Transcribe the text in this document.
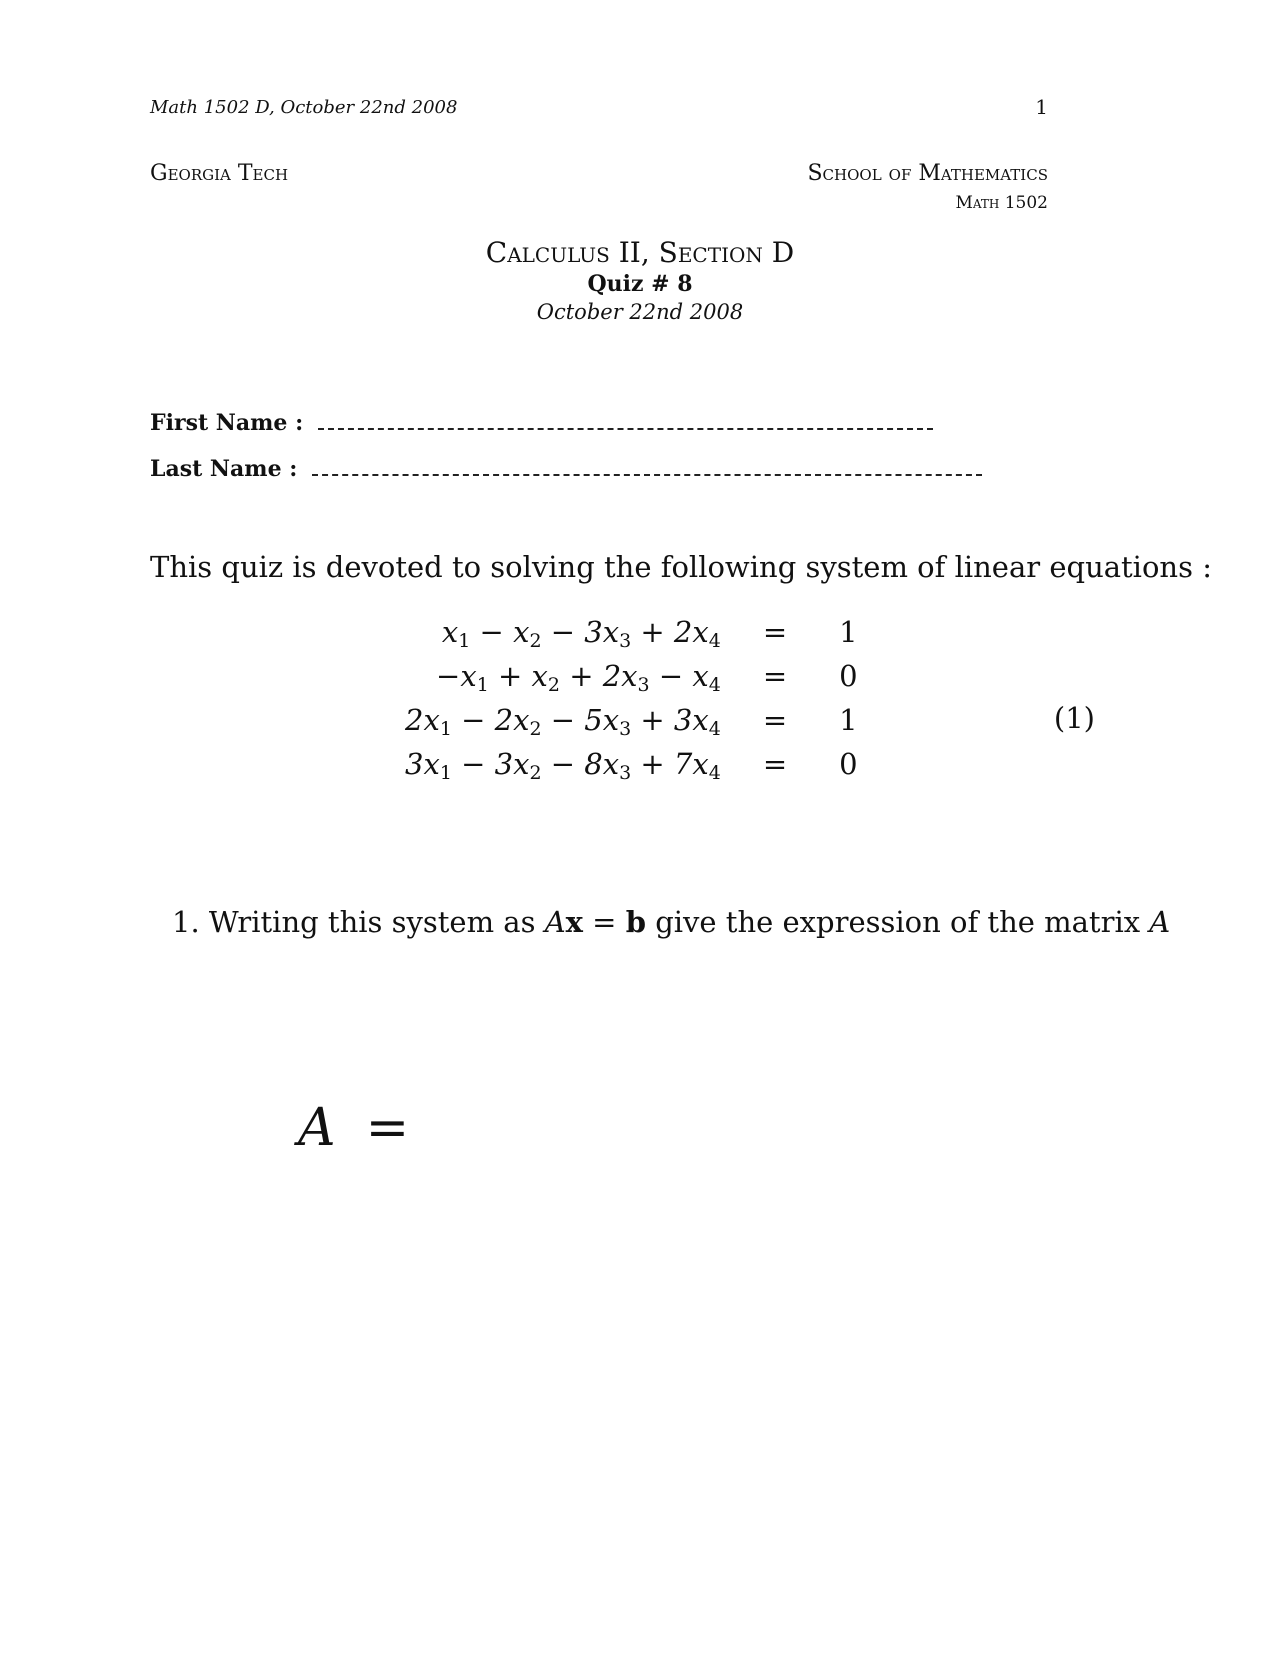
Math 1502 D, October 22nd 2008	1
Georgia Tech	School of Mathematics
Math 1502
Calculus II, Section D
Quiz # 8
October 22nd 2008
First Name :
Last Name :
This quiz is devoted to solving the following system of linear equations :
$x_1 - x_2 - 3x_3 + 2x_4$	=	1
$-x_1 + x_2 + 2x_3 - x_4$	=	0
$2x_1 - 2x_2 - 5x_3 + 3x_4$	=	1
$3x_1 - 3x_2 - 8x_3 + 7x_4$	=	0
(1)
1. Writing this system as Ax = b give the expression of the matrix A
A =
